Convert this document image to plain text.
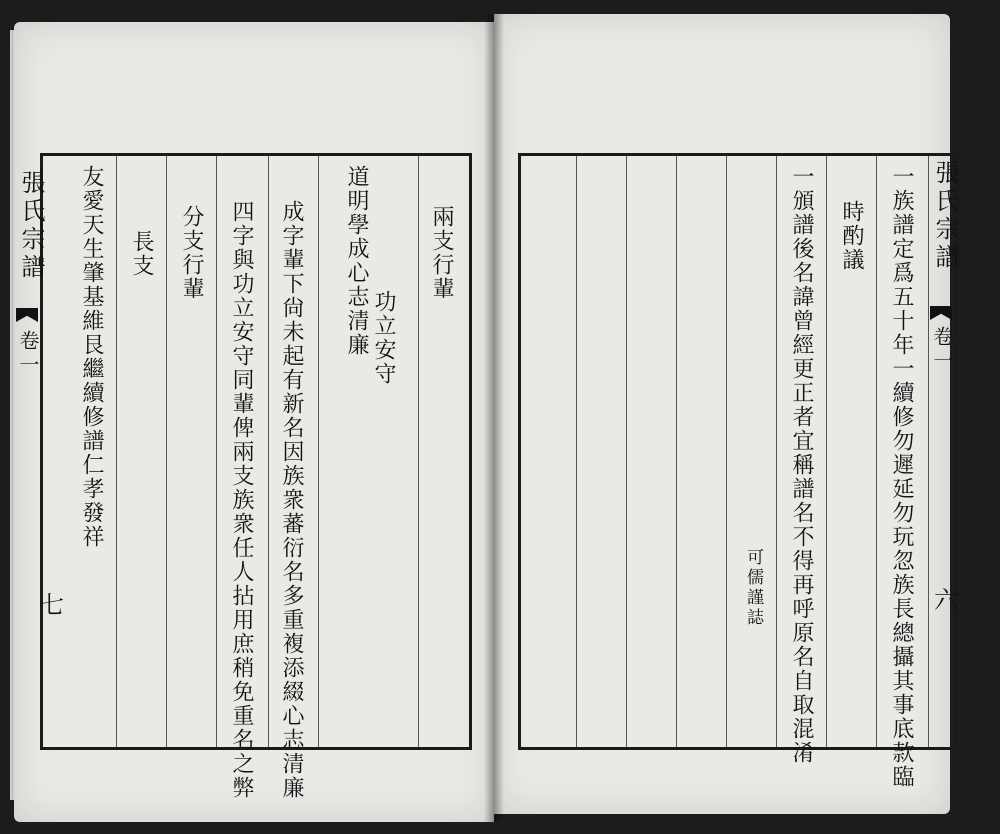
張氏宗譜
卷一
七
兩支行輩
功立安守
道明學成心志清廉
成字輩下尙未起有新名因族衆蕃衍名多重複添綴心志清廉
四字與功立安守同輩俾兩支族衆任人拈用庶稍免重名之弊
分支行輩
長支
友愛天生肇基維艮繼續修譜仁孝發祥	張氏宗譜
卷一
六
一族譜定爲五十年一續修勿遲延勿玩忽族長總攝其事底款臨
時酌議
一頒譜後名諱曾經更正者宜稱譜名不得再呼原名自取混淆
可儒謹誌
